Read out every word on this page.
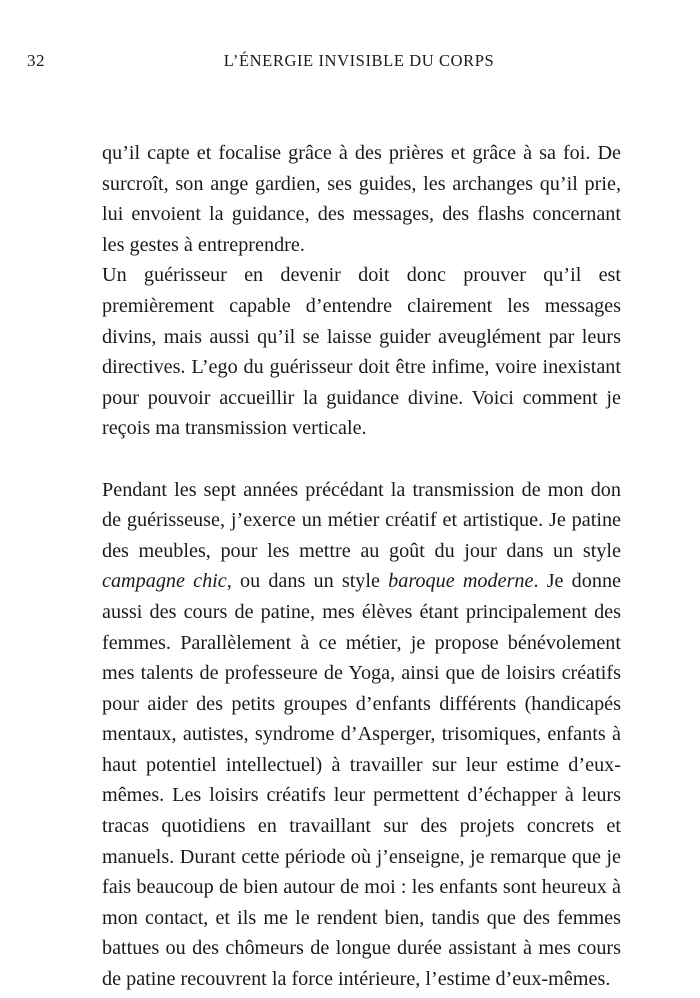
32	L’ÉNERGIE INVISIBLE DU CORPS

qu’il capte et focalise grâce à des prières et grâce à sa foi. De surcroît, son ange gardien, ses guides, les archanges qu’il prie, lui envoient la guidance, des messages, des flashs concernant les gestes à entreprendre.

Un guérisseur en devenir doit donc prouver qu’il est premièrement capable d’entendre clairement les messages divins, mais aussi qu’il se laisse guider aveuglément par leurs directives. L’ego du guérisseur doit être infime, voire inexistant pour pouvoir accueillir la guidance divine. Voici comment je reçois ma transmission verticale.

Pendant les sept années précédant la transmission de mon don de guérisseuse, j’exerce un métier créatif et artistique. Je patine des meubles, pour les mettre au goût du jour dans un style campagne chic, ou dans un style baroque moderne. Je donne aussi des cours de patine, mes élèves étant principalement des femmes. Parallèlement à ce métier, je propose bénévolement mes talents de professeure de Yoga, ainsi que de loisirs créatifs pour aider des petits groupes d’enfants différents (handicapés mentaux, autistes, syndrome d’Asperger, trisomiques, enfants à haut potentiel intellectuel) à travailler sur leur estime d’eux-mêmes. Les loisirs créatifs leur permettent d’échapper à leurs tracas quotidiens en travaillant sur des projets concrets et manuels. Durant cette période où j’enseigne, je remarque que je fais beaucoup de bien autour de moi : les enfants sont heureux à mon contact, et ils me le rendent bien, tandis que des femmes battues ou des chômeurs de longue durée assistant à mes cours de patine recouvrent la force intérieure, l’estime d’eux-mêmes.
